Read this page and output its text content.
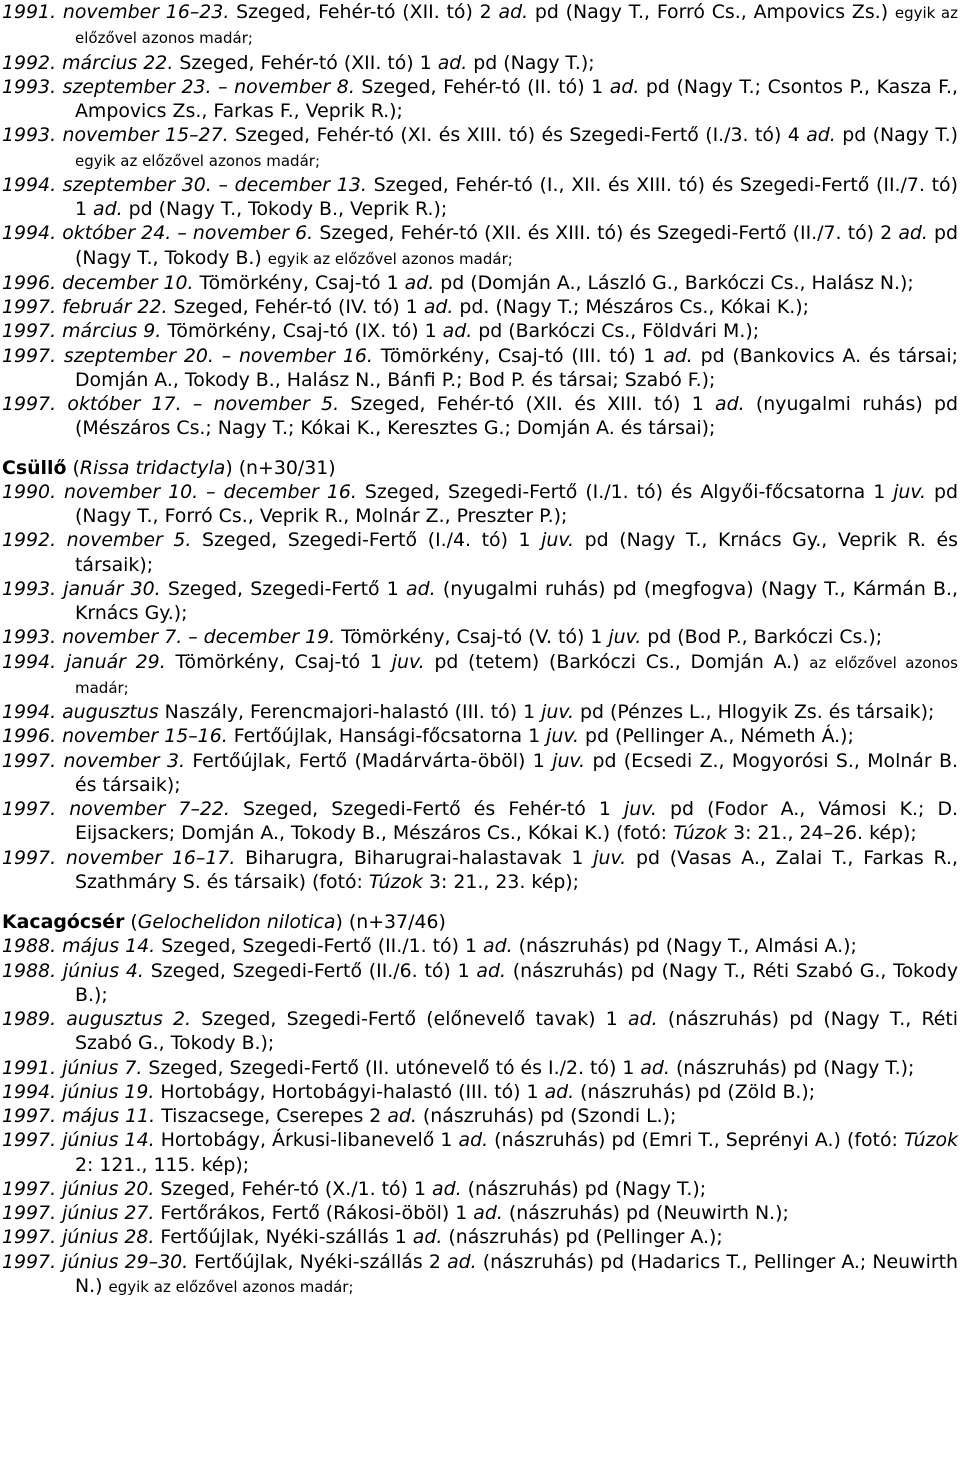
1991. november 16–23. Szeged, Fehér-tó (XII. tó) 2 ad. pd (Nagy T., Forró Cs., Ampovics Zs.) egyik az előzővel azonos madár;

1992. március 22. Szeged, Fehér-tó (XII. tó) 1 ad. pd (Nagy T.);

1993. szeptember 23. – november 8. Szeged, Fehér-tó (II. tó) 1 ad. pd (Nagy T.; Csontos P., Kasza F., Ampovics Zs., Farkas F., Veprik R.);

1993. november 15–27. Szeged, Fehér-tó (XI. és XIII. tó) és Szegedi-Fertő (I./3. tó) 4 ad. pd (Nagy T.) egyik az előzővel azonos madár;

1994. szeptember 30. – december 13. Szeged, Fehér-tó (I., XII. és XIII. tó) és Szegedi-Fertő (II./7. tó) 1 ad. pd (Nagy T., Tokody B., Veprik R.);

1994. október 24. – november 6. Szeged, Fehér-tó (XII. és XIII. tó) és Szegedi-Fertő (II./7. tó) 2 ad. pd (Nagy T., Tokody B.) egyik az előzővel azonos madár;

1996. december 10. Tömörkény, Csaj-tó 1 ad. pd (Domján A., László G., Barkóczi Cs., Halász N.);

1997. február 22. Szeged, Fehér-tó (IV. tó) 1 ad. pd. (Nagy T.; Mészáros Cs., Kókai K.);

1997. március 9. Tömörkény, Csaj-tó (IX. tó) 1 ad. pd (Barkóczi Cs., Földvári M.);

1997. szeptember 20. – november 16. Tömörkény, Csaj-tó (III. tó) 1 ad. pd (Bankovics A. és társai; Domján A., Tokody B., Halász N., Bánfi P.; Bod P. és társai; Szabó F.);

1997. október 17. – november 5. Szeged, Fehér-tó (XII. és XIII. tó) 1 ad. (nyugalmi ruhás) pd (Mészáros Cs.; Nagy T.; Kókai K., Keresztes G.; Domján A. és társai);

Csüllő (Rissa tridactyla) (n+30/31)

1990. november 10. – december 16. Szeged, Szegedi-Fertő (I./1. tó) és Algyői-főcsatorna 1 juv. pd (Nagy T., Forró Cs., Veprik R., Molnár Z., Preszter P.);

1992. november 5. Szeged, Szegedi-Fertő (I./4. tó) 1 juv. pd (Nagy T., Krnács Gy., Veprik R. és társaik);

1993. január 30. Szeged, Szegedi-Fertő 1 ad. (nyugalmi ruhás) pd (megfogva) (Nagy T., Kármán B., Krnács Gy.);

1993. november 7. – december 19. Tömörkény, Csaj-tó (V. tó) 1 juv. pd (Bod P., Barkóczi Cs.);

1994. január 29. Tömörkény, Csaj-tó 1 juv. pd (tetem) (Barkóczi Cs., Domján A.) az előzővel azonos madár;

1994. augusztus Naszály, Ferencmajori-halastó (III. tó) 1 juv. pd (Pénzes L., Hlogyik Zs. és társaik);

1996. november 15–16. Fertőújlak, Hansági-főcsatorna 1 juv. pd (Pellinger A., Németh Á.);

1997. november 3. Fertőújlak, Fertő (Madárvárta-öböl) 1 juv. pd (Ecsedi Z., Mogyorósi S., Molnár B. és társaik);

1997. november 7–22. Szeged, Szegedi-Fertő és Fehér-tó 1 juv. pd (Fodor A., Vámosi K.; D. Eijsackers; Domján A., Tokody B., Mészáros Cs., Kókai K.) (fotó: Túzok 3: 21., 24–26. kép);

1997. november 16–17. Biharugra, Biharugrai-halastavak 1 juv. pd (Vasas A., Zalai T., Farkas R., Szathmáry S. és társaik) (fotó: Túzok 3: 21., 23. kép);

Kacagócsér (Gelochelidon nilotica) (n+37/46)

1988. május 14. Szeged, Szegedi-Fertő (II./1. tó) 1 ad. (nászruhás) pd (Nagy T., Almási A.);

1988. június 4. Szeged, Szegedi-Fertő (II./6. tó) 1 ad. (nászruhás) pd (Nagy T., Réti Szabó G., Tokody B.);

1989. augusztus 2. Szeged, Szegedi-Fertő (előnevelő tavak) 1 ad. (nászruhás) pd (Nagy T., Réti Szabó G., Tokody B.);

1991. június 7. Szeged, Szegedi-Fertő (II. utónevelő tó és I./2. tó) 1 ad. (nászruhás) pd (Nagy T.);

1994. június 19. Hortobágy, Hortobágyi-halastó (III. tó) 1 ad. (nászruhás) pd (Zöld B.);

1997. május 11. Tiszacsege, Cserepes 2 ad. (nászruhás) pd (Szondi L.);

1997. június 14. Hortobágy, Árkusi-libanevelő 1 ad. (nászruhás) pd (Emri T., Seprényi A.) (fotó: Túzok 2: 121., 115. kép);

1997. június 20. Szeged, Fehér-tó (X./1. tó) 1 ad. (nászruhás) pd (Nagy T.);

1997. június 27. Fertőrákos, Fertő (Rákosi-öböl) 1 ad. (nászruhás) pd (Neuwirth N.);

1997. június 28. Fertőújlak, Nyéki-szállás 1 ad. (nászruhás) pd (Pellinger A.);

1997. június 29–30. Fertőújlak, Nyéki-szállás 2 ad. (nászruhás) pd (Hadarics T., Pellinger A.; Neuwirth N.) egyik az előzővel azonos madár;
